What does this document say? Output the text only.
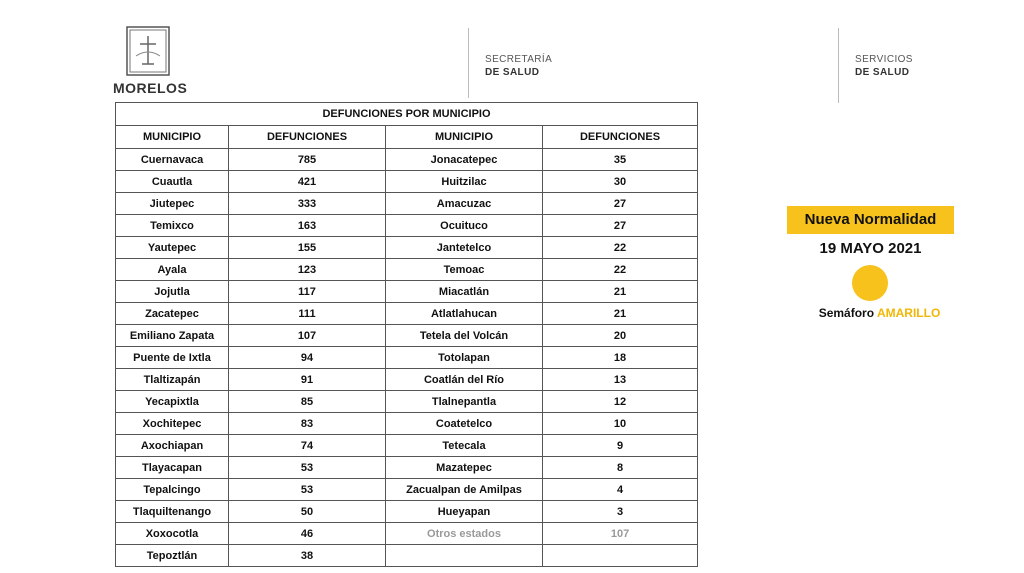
MORELOS
SECRETARÍA
DE SALUD
SERVICIOS
DE SALUD
DEFUNCIONES POR MUNICIPIO			
MUNICIPIO	DEFUNCIONES	MUNICIPIO	DEFUNCIONES
Cuernavaca	785	Jonacatepec	35
Cuautla	421	Huitzilac	30
Jiutepec	333	Amacuzac	27
Temixco	163	Ocuituco	27
Yautepec	155	Jantetelco	22
Ayala	123	Temoac	22
Jojutla	117	Miacatlán	21
Zacatepec	111	Atlatlahucan	21
Emiliano Zapata	107	Tetela del Volcán	20
Puente de Ixtla	94	Totolapan	18
Tlaltizapán	91	Coatlán del Río	13
Yecapixtla	85	Tlalnepantla	12
Xochitepec	83	Coatetelco	10
Axochiapan	74	Tetecala	9
Tlayacapan	53	Mazatepec	8
Tepalcingo	53	Zacualpan de Amilpas	4
Tlaquiltenango	50	Hueyapan	3
Xoxocotla	46	Otros estados	107
Tepoztlán	38		
Nueva Normalidad
19 MAYO 2021
Semáforo AMARILLO
